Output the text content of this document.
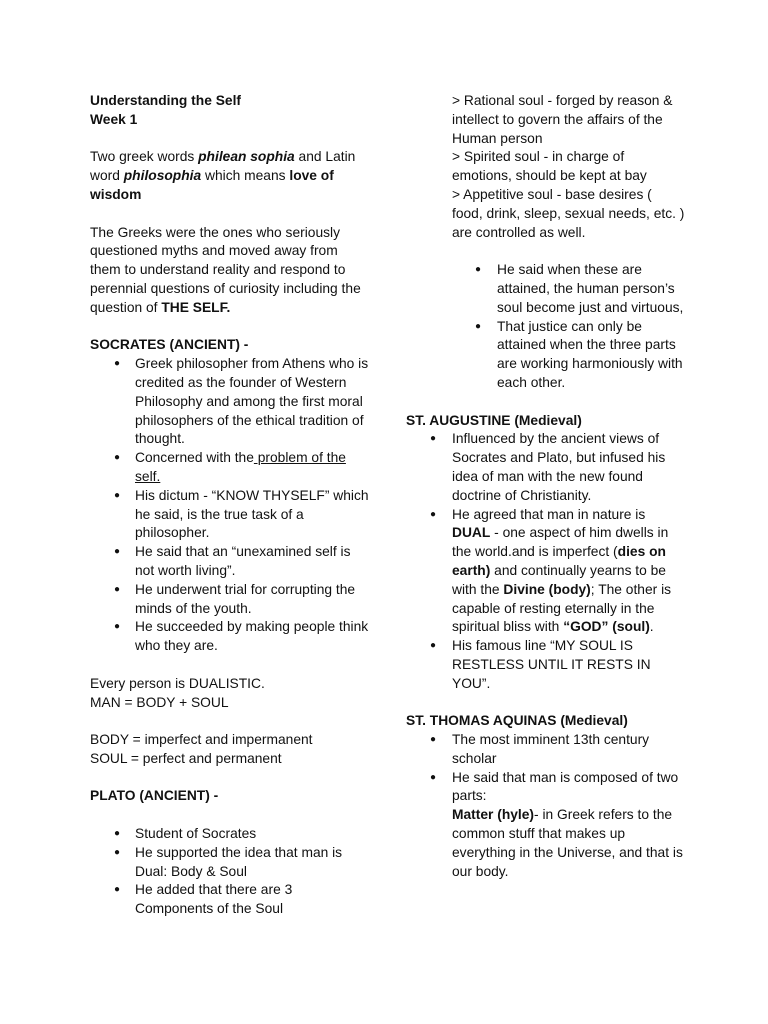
Understanding the Self

Week 1

Two greek words philean sophia and Latin word philosophia which means love of wisdom

The Greeks were the ones who seriously questioned myths and moved away from them to understand reality and respond to perennial questions of curiosity including the question of THE SELF.

SOCRATES (ANCIENT) -

● Greek philosopher from Athens who is credited as the founder of Western Philosophy and among the first moral philosophers of the ethical tradition of thought.
● Concerned with the problem of the self.
● His dictum - “KNOW THYSELF” which he said, is the true task of a philosopher.
● He said that an “unexamined self is not worth living”.
● He underwent trial for corrupting the minds of the youth.
● He succeeded by making people think who they are.

Every person is DUALISTIC.

MAN = BODY + SOUL

BODY = imperfect and impermanent

SOUL = perfect and permanent

PLATO (ANCIENT) -

● Student of Socrates
● He supported the idea that man is Dual: Body & Soul
● He added that there are 3 Components of the Soul

> Rational soul - forged by reason & intellect to govern the affairs of the Human person

> Spirited soul - in charge of emotions, should be kept at bay

> Appetitive soul - base desires ( food, drink, sleep, sexual needs, etc. ) are controlled as well.

● He said when these are attained, the human person’s soul become just and virtuous,
● That justice can only be attained when the three parts are working harmoniously with each other.

ST. AUGUSTINE (Medieval)

● Influenced by the ancient views of Socrates and Plato, but infused his idea of man with the new found doctrine of Christianity.
● He agreed that man in nature is DUAL - one aspect of him dwells in the world.and is imperfect (dies on earth) and continually yearns to be with the Divine (body); The other is capable of resting eternally in the spiritual bliss with “GOD” (soul).
● His famous line “MY SOUL IS RESTLESS UNTIL IT RESTS IN YOU”.

ST. THOMAS AQUINAS (Medieval)

● The most imminent 13th century scholar
● He said that man is composed of two parts:
Matter (hyle)- in Greek refers to the common stuff that makes up everything in the Universe, and that is our body.
